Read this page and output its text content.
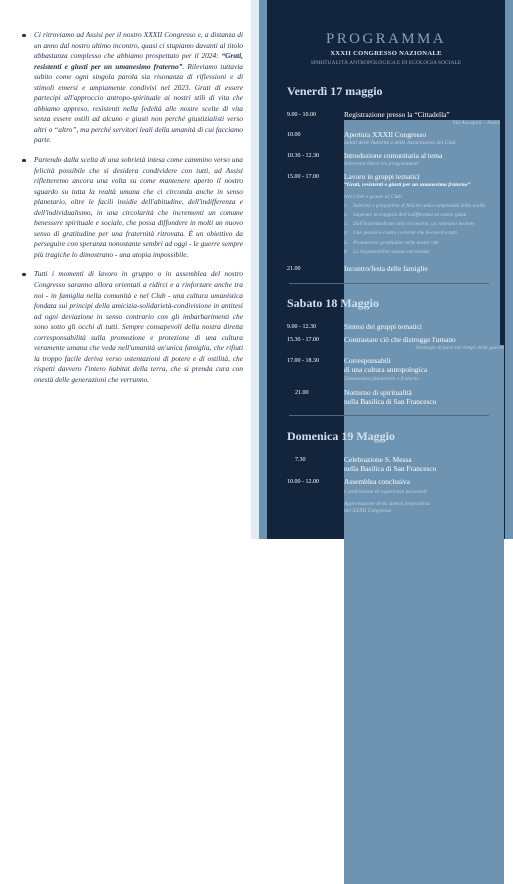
Ci ritroviamo ad Assisi per il nostro XXXII Congresso e, a distanza di un anno dal nostro ultimo incontro, quasi ci stupiamo davanti al titolo abbastanza complesso che abbiamo prospettato per il 2024: “Grati, resistenti e giusti per un umanesimo fraterno”. Rileviamo tuttavia subito come ogni singola parola sia risonanza di riflessioni e di stimoli emersi e ampiamente condivisi nel 2023. Grati di essere partecipi all'approccio antropo-spirituale ai nostri stili di vita che abbiamo appreso, resistenti nella fedeltà alle nostre scelte di vita senza essere ostili ad alcuno e giusti non perché giustizialisti verso altri o “altro”, ma perché servitori leali della umanità di cui facciamo parte.

Partendo dalla scelta di una sobrietà intesa come cammino verso una felicità possibile che si desidera condividere con tutti, ad Assisi rifletteremo ancora una volta su come mantenere aperto il nostro sguardo su tutta la realtà umana che ci circonda anche in senso planetario, oltre le facili insidie dell'abitudine, dell'indifferenza e dell'individualismo, in una circolarità che incrementi un comune benessere spirituale e sociale, che possa diffondere in molti un nuovo senso di gratitudine per una fraternità ritrovata. È un obiettivo da perseguire con speranza nonostante sembri ad oggi - le guerre sempre più tragiche lo dimostrano - una utopia impossibile.

Tutti i momenti di lavoro in gruppo o in assemblea del nostro Congresso saranno allora orientati a ridirci e a rinforzare anche tra noi - in famiglia nella comunità e nel Club - una cultura umanistica fondata sui principi della amicizia-solidarietà-condivisione in antitesi ad ogni deviazione in senso contrario con gli imbarbarimenti che sono sotto gli occhi di tutti. Sempre consapevoli della nostra diretta corresponsabilità sulla promozione e protezione di una cultura veramente umana che veda nell'umanità un'unica famiglia, che rifiuti la troppo facile deriva verso ostentazioni di potere e di ostilità, che rispetti davvero l'intero habitat della terra, che si prenda cura con onestà delle generazioni che verranno.

PROGRAMMA
XXXII CONGRESSO NAZIONALE
SPIRITUALITÀ ANTROPOLOGICA E DI ECOLOGIA SOCIALE
Venerdì 17 maggio
9.00 - 10.00	Registrazione presso la “Cittadella”
Via Ancajani – Assisi
10.00	Apertura XXXII Congresso
Saluti delle Autorità e delle Associazioni dei Club
10.30 - 12.30	Introduzione comunitaria al tema
Interventi liberi e/o programmati
15.00 - 17.00	Lavoro in gruppi tematici
“Grati, resistenti e giusti per un umanesimo fraterno”
Nel Club e grazie al Club:
1. Sobrietà e prospettiva di felicità nella complessità della realtà
2. Superare la trappola dell'indifferenza ed essere giusti
3. Dall'individualismo alla circolarità, un cammino insieme
4. Uno pensiero contro corrente che in-con-tra tutti
5. Promuovere gratitudine nelle nostre vite
6. La responsabilità umana nel mondo
21.00	Incontro/festa delle famiglie
Sabato 18 Maggio
9.00 - 12.30	Sintesi dei gruppi tematici
15.30 - 17.00	Contrastare ciò che distrugge l'umano
Strategie di pace nei tempi delle guerre
17.00 - 18.30	Corresponsabili
di una cultura antropologica
Umanesimo planetario e fraterno
21.00	Notturno di spiritualità
nella Basilica di San Francesco
Domenica 19 Maggio
7.30	Celebrazione S. Messa
nella Basilica di San Francesco
10.00 - 12.00	Assemblea conclusiva
Condivisione di esperienze personali
Approvazione della sintesi propositiva
del XXXII Congresso
